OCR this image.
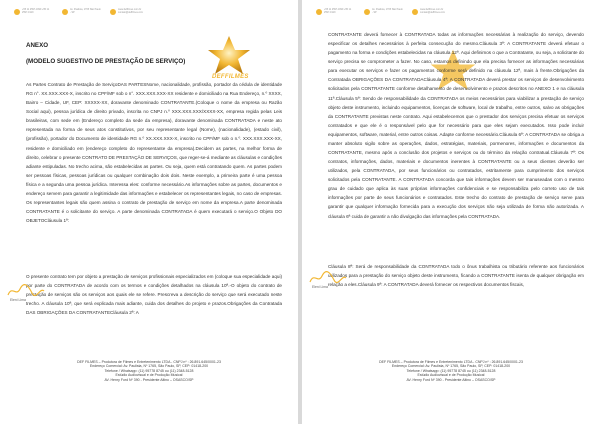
+55 11 2597-1999 +55 11 2597-1919
Av. Paulista, 1765 São Paulo - SP
www.deffilmes.com.br contato@deffilmes.com
ANEXO
(MODELO SUGESTIVO DE PRESTAÇÃO DE SERVIÇO)
DEFFILMES
As Partes Contrato de Prestação de ServiçoDAS PARTESNome, nacionalidade, profissão, portador da cédula de identidade RG n°. XX.XXX.XXX-X, inscrito no CPF/MF sob o n°. XXX.XXX.XXX-XX residente e domiciliado na Rua Endereço, n.º XXXX, Bairro – Cidade, UF, CEP: XXXXX-XX, doravante denominado CONTRATANTE.(Coloque o nome da empresa ou Razão Social aqui), pessoa jurídica de direito privado, inscrita no CNPJ n.º XXX.XXX.XXX/XXXX-XX, empresa regida pelas Leis brasileiras, com sede em (Endereço completo da sede da empresa), doravante denominada CONTRATADA e neste ato representada na forma de seus atos constitutivos, por seu representante legal (Nome), (nacionalidade), (estado civil), (profissão), portador do Documento de identidade RG n.º XX.XXX.XXX-X, inscrito no CPF/MF sob o n.º. XXX.XXX.XXX-XX, residente e domiciliado em (endereço completo do representante da empresa).Decidem as partes, na melhor forma de direito, celebrar o presente CONTRATO DE PRESTAÇÃO DE SERVIÇOS, que reger-se-á mediante as cláusulas e condições adiante estipuladas. No trecho acima, são estabelecidas as partes. Ou seja, quem está contratando quem. As partes podem ser pessoas físicas, pessoas jurídicas ou qualquer combinação dois dois. Neste exemplo, a primeira parte é uma pessoa física e a segunda uma pessoa jurídica. Interessa eles: conforme necessário.As informações sobre as partes, documentos e endereço servem para garantir a legitimidade das informações e estabelecer os representantes legais, no caso de empresas. Os representantes legais são quem assina o contrato de prestação de serviço em nome da empresa.A parte denominada CONTRATANTE é o solicitante do serviço. A parte denominada CONTRATADA é quem executará o serviço.O Objeto DO OBJETOCláusula 1ª:
O presente contrato tem por objeto a prestação de serviços profissionais especializados em (coloque sua especialidade aqui) por parte do CONTRATADA de acordo com os termos e condições detalhados na cláusula 10ª.-O objeto do contrato de prestação de serviços são os serviços aos quais ele se refere. Prescreva a descrição do serviço que será executado neste trecho. A cláusula 10ª, que será explicada mais adiante, cuida dos detalhes do projeto e prazos.Obrigações da Contratada DAS OBRIGAÇÕES DA CONTRATANTECláusula 2ª: A
Eleni Lima
DEF FILMES – Produtora de Filmes e Entretenimento LTDA - CNPJ nº : 26.891.645/0001-23
Endereço Comercial: Av. Paulista, Nº 1765, São Paulo, SP, CEP: 01418-200
Telefone / Whatsapp: (11) 95778 8745 ou (11) 2348-5128
Estúdio Audiovisual e de Produção Musical
AV. Henry Ford Nº 390 - Presidente Altino – OSASCO/SP
+55 11 2597-1999 +55 11 2597-1919
Av. Paulista, 1765 São Paulo - SP
www.deffilmes.com.br contato@deffilmes.com
CONTRATANTE deverá fornecer à CONTRATADA todas as informações necessárias à realização do serviço, devendo especificar os detalhes necessários à perfeita consecução do mesmo.Cláusula 3ª: A CONTRATANTE deverá efetuar o pagamento na forma e condições estabelecidas na cláusula 12ª. Aqui definimos o que a Contratante, ou seja, a solicitante do serviço precisa se comprometer a fazer. No caso, estamos definindo que ela precisa fornecer as informações necessárias para executar os serviços e fazer os pagamentos conforme será definido na cláusula 12ª, mais à frente.Obrigações da Contratada OBRIGAÇÕES DA CONTRATADACláusula 4ª: A CONTRATADA deverá prestar os serviços de desenvolvimento solicitados pela CONTRATANTE conforme detalhamento de desenvolvimento e prazos descritos no ANEXO 1 e na cláusula 11ª.Cláusula 5ª: Sendo de responsabilidade da CONTRATADA os meios necessários para viabilizar a prestação de serviço objeto deste instrumento, incluindo equipamentos, licenças de software, local de trabalho, entre outros, salvo as obrigações da CONTRATANTE previstas neste contrato. Aqui estabelecemos que o prestador dos serviços precisa efetuar os serviços contratados e que ele é o responsável pelo que for necessário para que eles sejam executados. Isso pode incluir equipamentos, software, material, entre outros coisas. Adapte conforme necessário.Cláusula 6ª: A CONTRATADA se obriga a manter absoluto sigilo sobre as operações, dados, estratégias, materiais, pormenores, informações e documentos da CONTRATANTE, mesmo após a conclusão dos projetos e serviços ou do término da relação contratual.Cláusula 7ª: Os contratos, informações, dados, materiais e documentos inerentes à CONTRATANTE ou a seus clientes deverão ser utilizados, pela CONTRATADA, por seus funcionários ou contratados, estritamente para cumprimento dos serviços solicitados pela CONTRATANTE. A CONTRATADA concorda que tais informações devem ser manuseadas com o mesmo grau de cuidado que aplica às suas próprias informações confidenciais e se responsabiliza pelo correto uso de tais informações por parte de seus funcionários e contratados. Este trecho do contrato de prestação de serviço serve para garantir que qualquer informação fornecida para a execução dos serviços não seja utilizada de forma não autorizada. A cláusula 6ª cuida de garantir a não divulgação das informações pela CONTRATADA.
Cláusula 8ª: Será de responsabilidade da CONTRATADA todo o ônus trabalhista ou tributário referente aos funcionários utilizados para a prestação do serviço objeto deste instrumento, ficando a CONTRATANTE isenta de qualquer obrigação em relação a eles.Cláusula 9ª: A CONTRATADA deverá fornecer os respectivos documentos fiscais,
Eleni Lima
DEF FILMES – Produtora de Filmes e Entretenimento LTDA - CNPJ nº : 26.891.645/0001-23
Endereço Comercial: Av. Paulista, Nº 1765, São Paulo, SP, CEP: 01418-200
Telefone / Whatsapp: (11) 95778 8745 ou (11) 2348-5128
Estúdio Audiovisual e de Produção Musical
AV. Henry Ford Nº 390 - Presidente Altino – OSASCO/SP
